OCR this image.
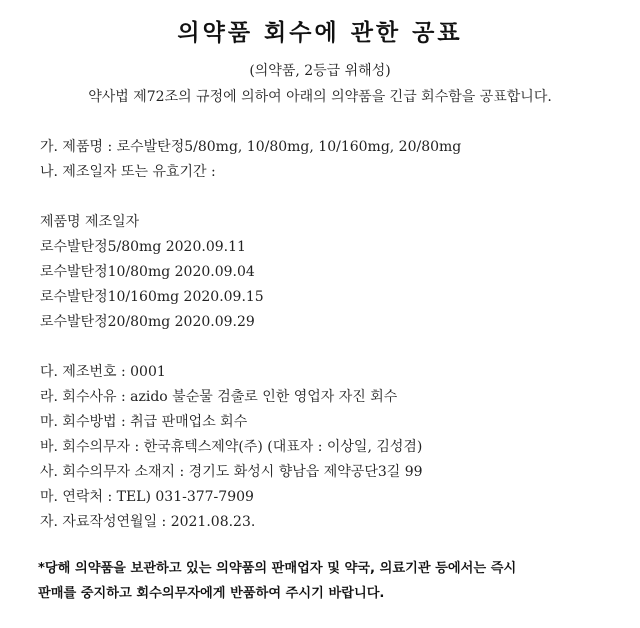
의약품 회수에 관한 공표
(의약품, 2등급 위해성)
약사법 제72조의 규정에 의하여 아래의 의약품을 긴급 회수함을 공표합니다.
가. 제품명 : 로수발탄정5/80mg, 10/80mg, 10/160mg, 20/80mg
나. 제조일자 또는 유효기간 :
제품명 제조일자
로수발탄정5/80mg 2020.09.11
로수발탄정10/80mg 2020.09.04
로수발탄정10/160mg 2020.09.15
로수발탄정20/80mg 2020.09.29
다. 제조번호 : 0001
라. 회수사유 : azido 불순물 검출로 인한 영업자 자진 회수
마. 회수방법 : 취급 판매업소 회수
바. 회수의무자 : 한국휴텍스제약(주) (대표자 : 이상일, 김성겸)
사. 회수의무자 소재지 : 경기도 화성시 향남읍 제약공단3길 99
마. 연락처 : TEL) 031-377-7909
자. 자료작성연월일 : 2021.08.23.
*당해 의약품을 보관하고 있는 의약품의 판매업자 및 약국, 의료기관 등에서는 즉시
판매를 중지하고 회수의무자에게 반품하여 주시기 바랍니다.
